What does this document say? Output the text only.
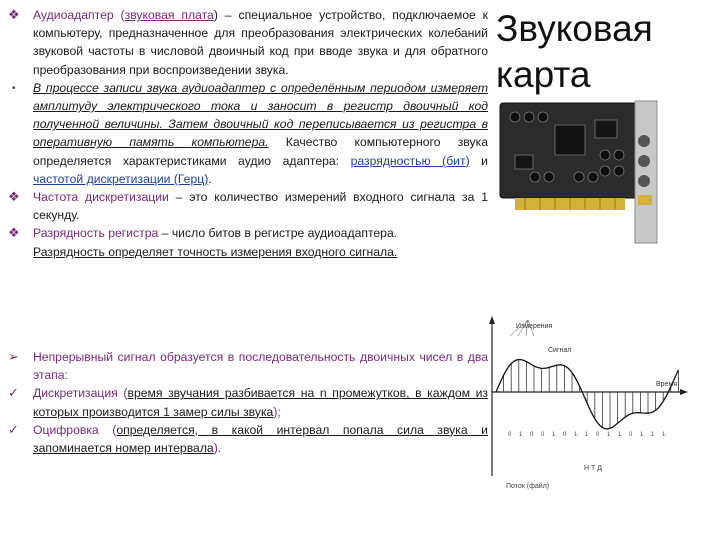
❖	Аудиоадаптер (звуковая плата) – специальное устройство, подключаемое к компьютеру, предназначенное для преобразования электрических колебаний звуковой частоты в числовой двоичный код при вводе звука и для обратного преобразования при воспроизведении звука.
•	В процессе записи звука аудиоадаптер с определённым периодом измеряет амплитуду электрического тока и заносит в регистр двоичный код полученной величины. Затем двоичный код переписывается из регистра в оперативную память компьютера. Качество компьютерного звука определяется характеристиками аудио адаптера: разрядностью (бит) и частотой дискретизации (Герц).
❖	Частота дискретизации – это количество измерений входного сигнала за 1 секунду.
❖	Разрядность регистра – число битов в регистре аудиоадаптера.
Разрядность определяет точность измерения входного сигнала.
➢	Непрерывный сигнал образуется в последовательность двоичных чисел в два этапа:
✓	Дискретизация (время звучания разбивается на n промежутков, в каждом из которых производится 1 замер силы звука);
✓	Оцифровка (определяется, в какой интервал попала сила звука и запоминается номер интервала).
Звуковая
карта
Измерения
Сигнал
Время
0 1 0 0 1 0 1 1 0 1 1 0 1 1 1
Н Т Д
Поток (файл)
